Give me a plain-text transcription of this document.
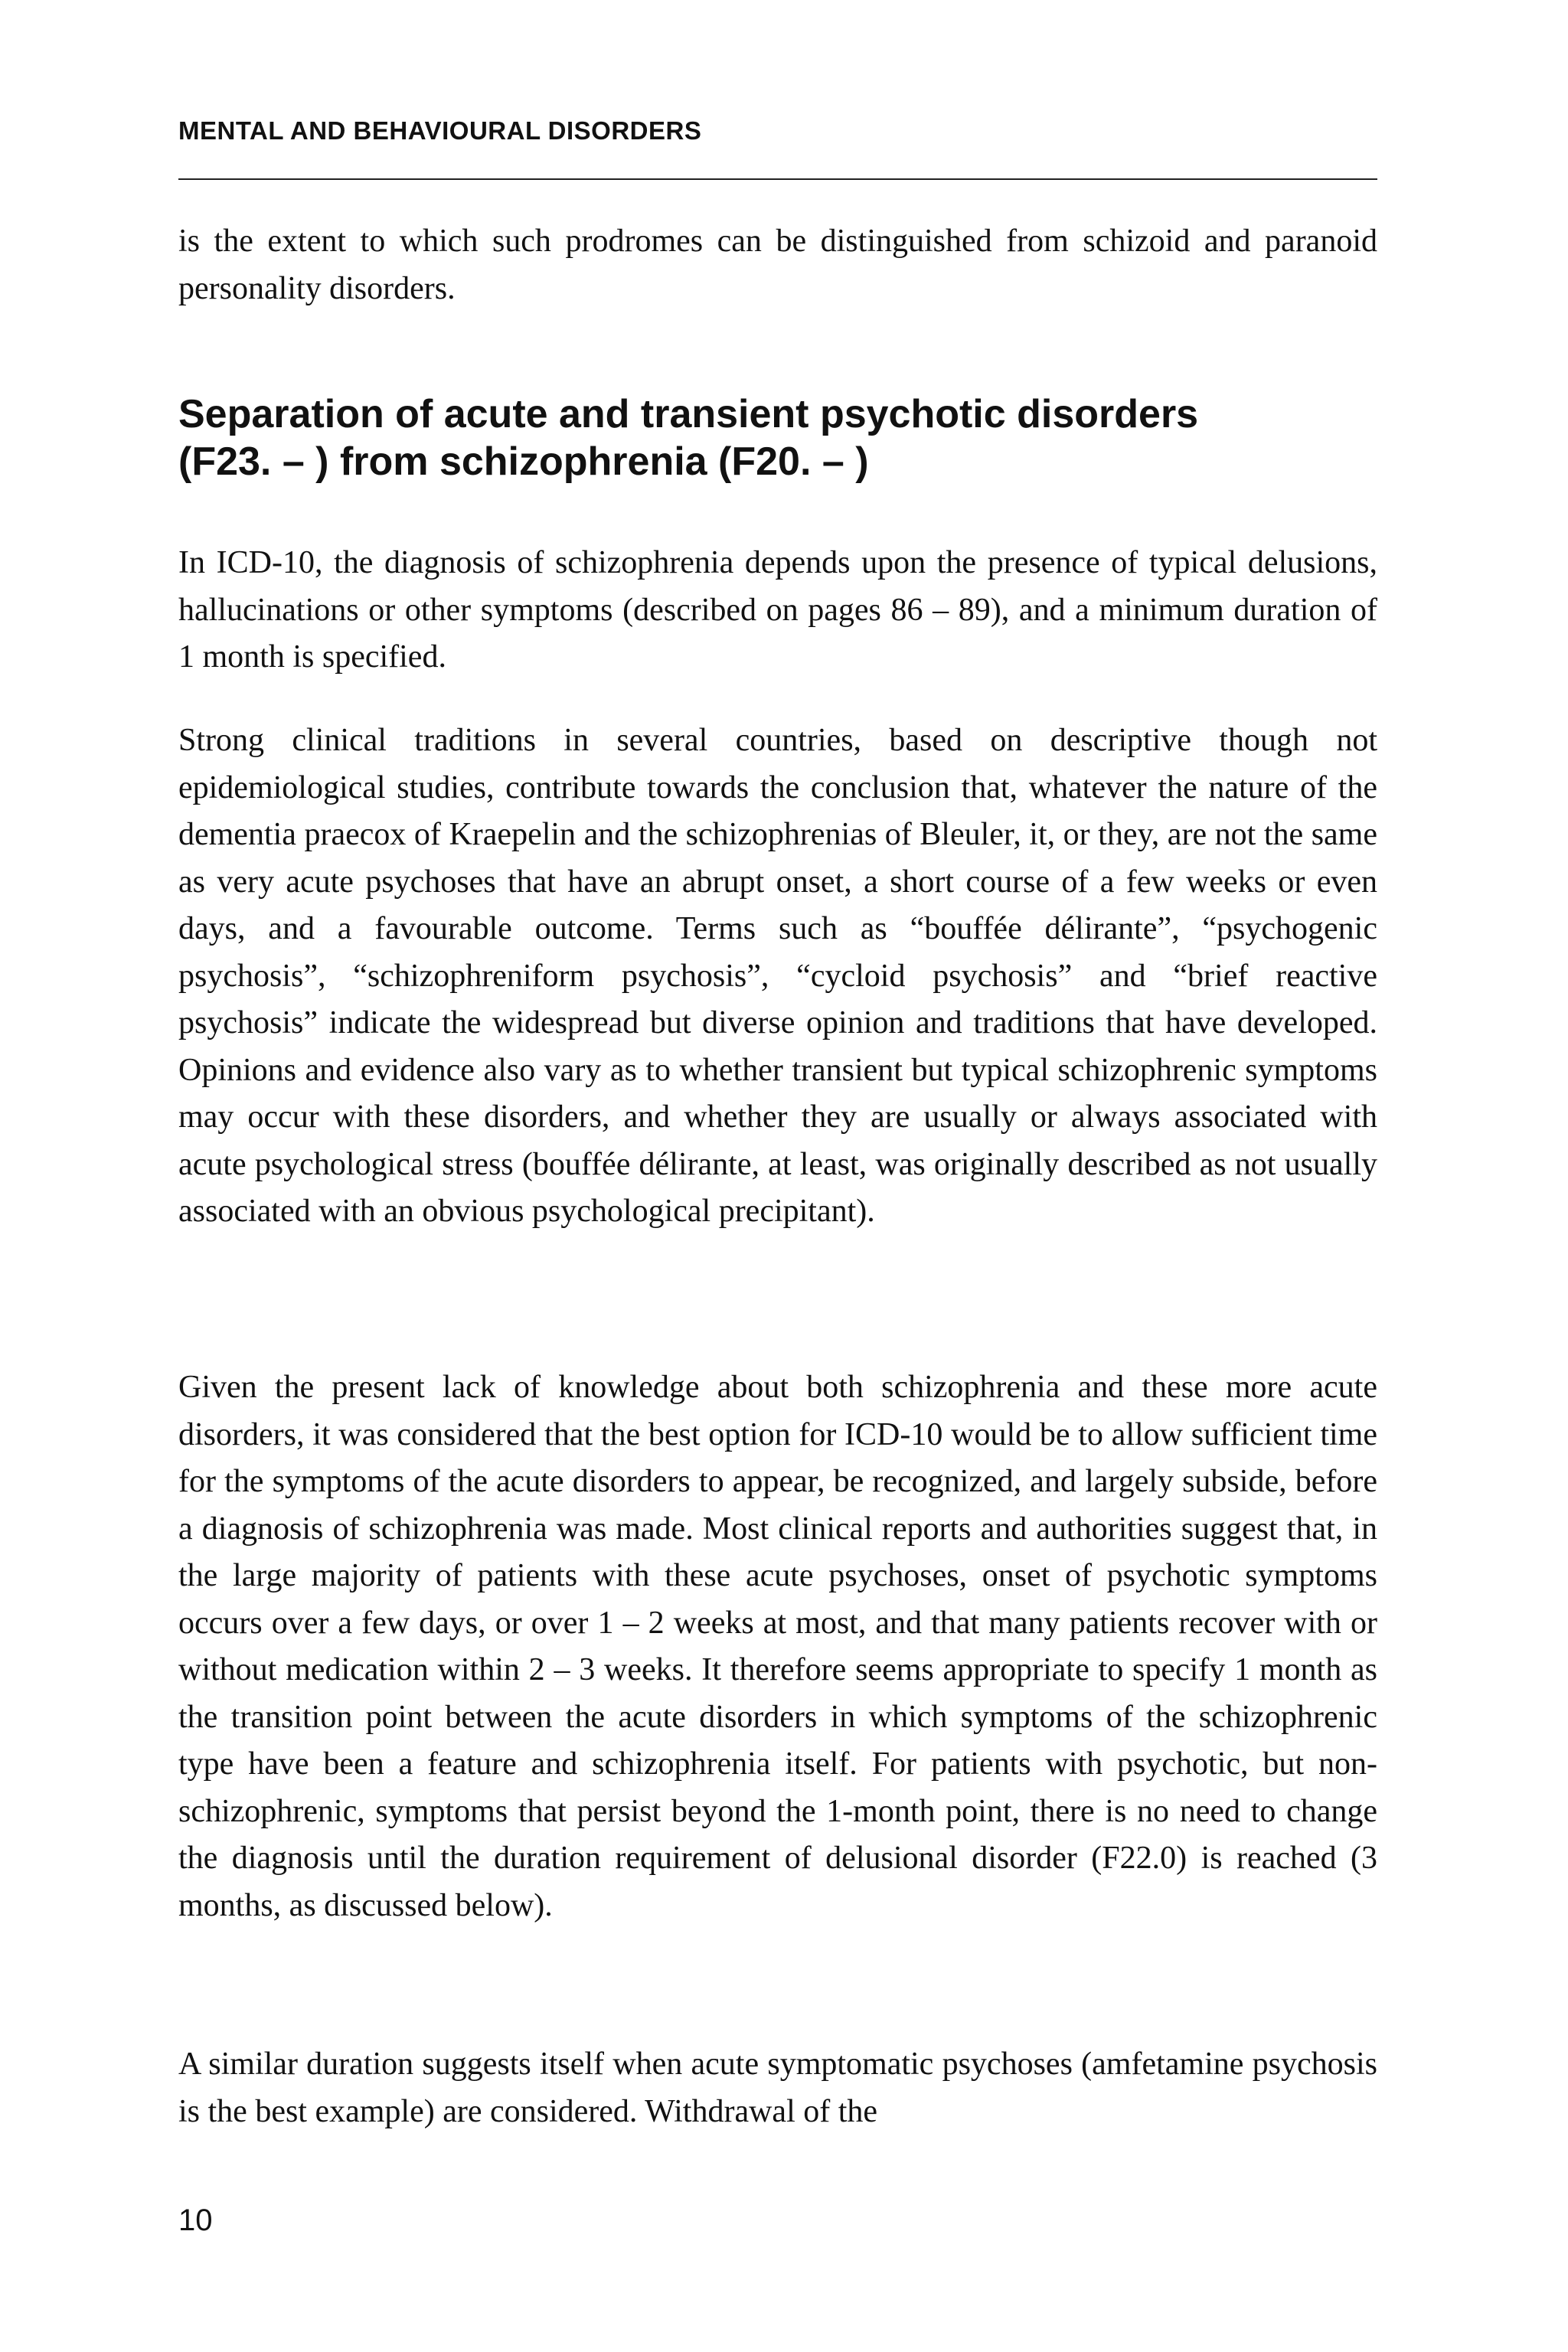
MENTAL AND BEHAVIOURAL DISORDERS

is the extent to which such prodromes can be distinguished from schizoid and paranoid personality disorders.

Separation of acute and transient psychotic disorders
(F23. – ) from schizophrenia (F20. – )

In ICD-10, the diagnosis of schizophrenia depends upon the presence of typical delusions, hallucinations or other symptoms (described on pages 86 – 89), and a minimum duration of 1 month is specified.

Strong clinical traditions in several countries, based on descriptive though not epidemiological studies, contribute towards the conclusion that, whatever the nature of the dementia praecox of Kraepelin and the schizophrenias of Bleuler, it, or they, are not the same as very acute psychoses that have an abrupt onset, a short course of a few weeks or even days, and a favourable outcome. Terms such as “bouffée délirante”, “psychogenic psychosis”, “schizophreniform psychosis”, “cycloid psychosis” and “brief reactive psychosis” indicate the widespread but diverse opinion and traditions that have developed. Opinions and evidence also vary as to whether transient but typical schizophrenic symptoms may occur with these disorders, and whether they are usually or always associated with acute psychological stress (bouffée délirante, at least, was originally described as not usually associated with an obvious psychological precipitant).

Given the present lack of knowledge about both schizophrenia and these more acute disorders, it was considered that the best option for ICD-10 would be to allow sufficient time for the symptoms of the acute disorders to appear, be recognized, and largely subside, before a diagnosis of schizophrenia was made. Most clinical reports and authorities suggest that, in the large majority of patients with these acute psychoses, onset of psychotic symptoms occurs over a few days, or over 1 – 2 weeks at most, and that many patients recover with or without medication within 2 – 3 weeks. It therefore seems appropriate to specify 1 month as the transition point between the acute disorders in which symptoms of the schizophrenic type have been a feature and schizophrenia itself. For patients with psychotic, but non-schizophrenic, symptoms that persist beyond the 1-month point, there is no need to change the diagnosis until the duration requirement of delusional disorder (F22.0) is reached (3 months, as discussed below).

A similar duration suggests itself when acute symptomatic psychoses (amfetamine psychosis is the best example) are considered. Withdrawal of the

10
